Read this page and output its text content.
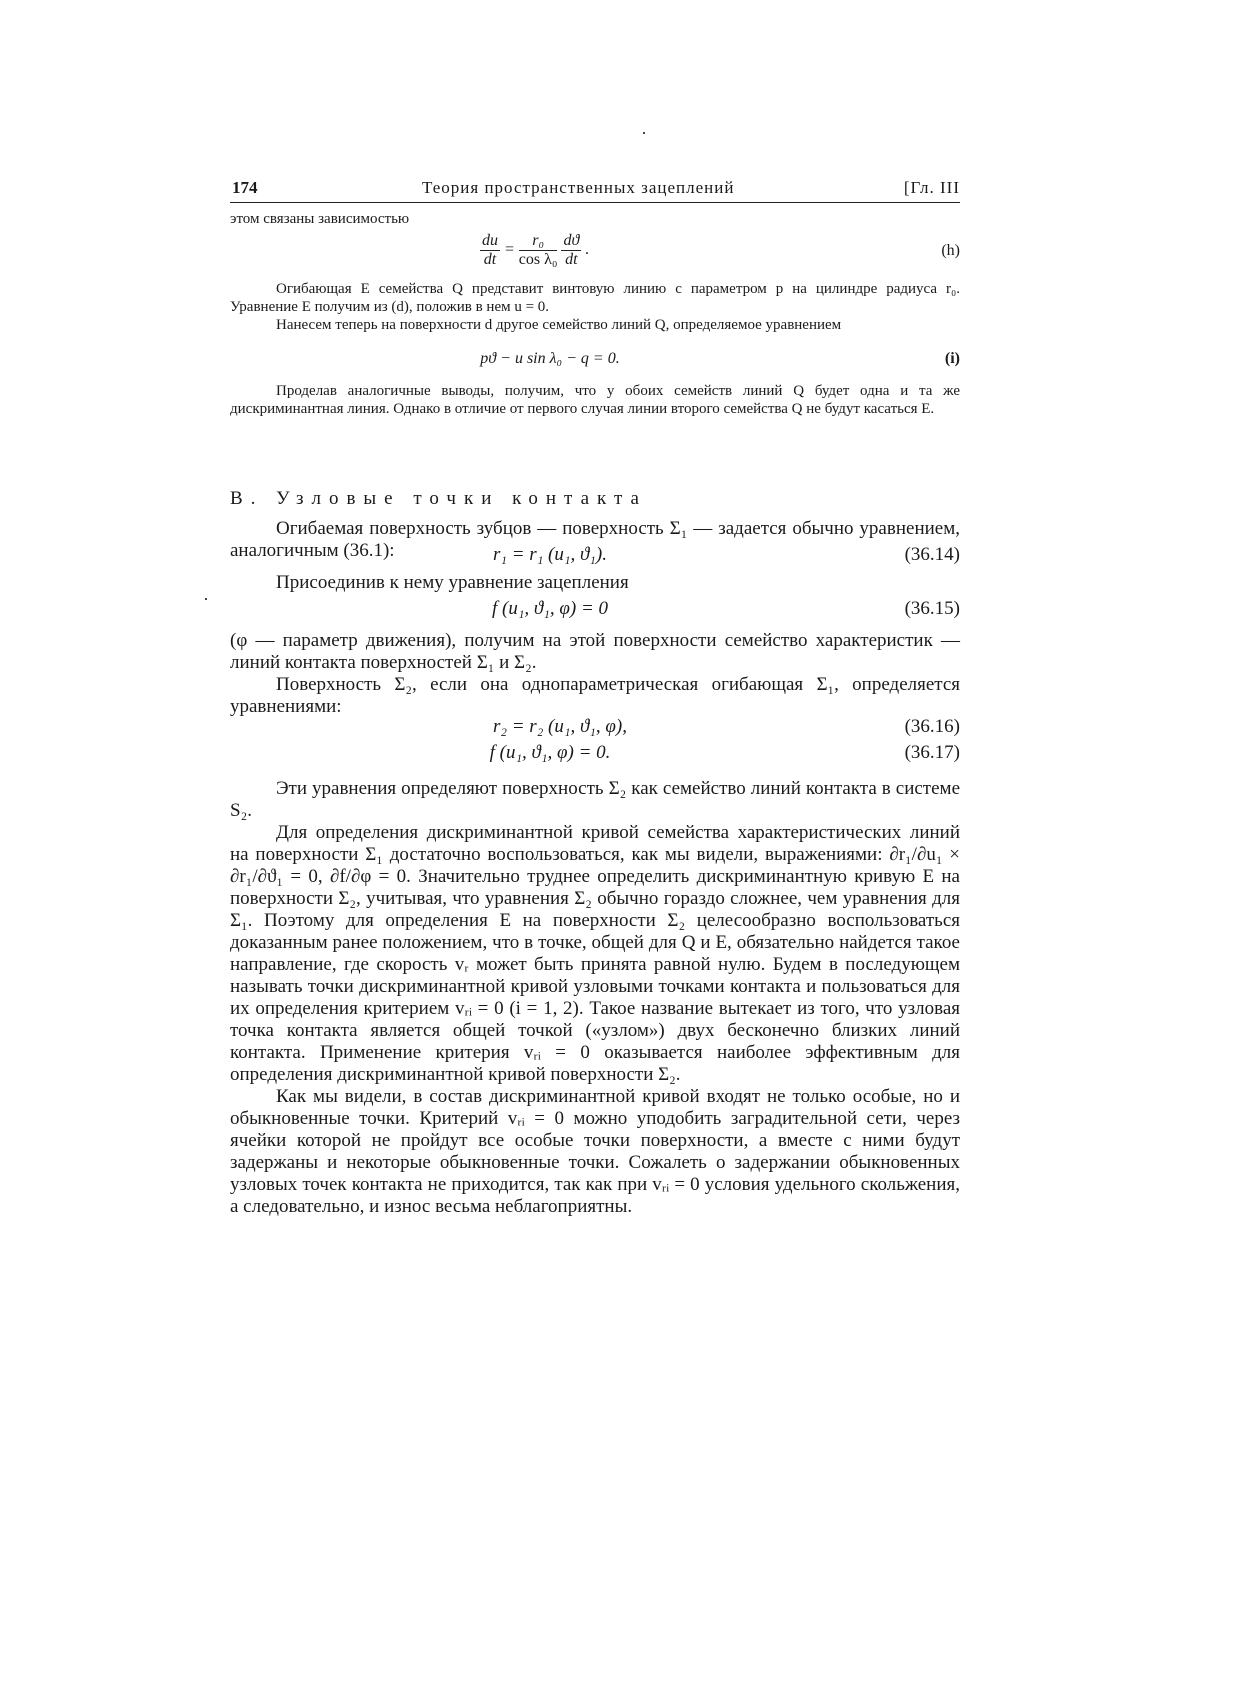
174	Теория пространственных зацеплений	[Гл. III

этом связаны зависимостью

$\frac{du}{dt} = \frac{\text{r₀}}{\text{cos λ₀}}$
$\frac{dϑ}{dt}$ .	(h)

Огибающая E семейства Q представит винтовую линию с параметром p на цилиндре радиуса r₀. Уравнение E получим из (d), положив в нем u = 0.

Нанесем теперь на поверхности d другое семейство линий Q, определяемое уравнением

pϑ − u sin λ₀ − q = 0.	(i)

Проделав аналогичные выводы, получим, что у обоих семейств линий Q будет одна и та же дискриминантная линия. Однако в отличие от первого случая линии второго семейства Q не будут касаться E.

В. Узловые точки контакта

Огибаемая поверхность зубцов — поверхность Σ₁ — задается обычно уравнением, аналогичным (36.1):	r₁ = r₁ (u₁, ϑ₁).	(36.14)

Присоединив к нему уравнение зацепления

f (u₁, ϑ₁, φ) = 0	(36.15)

(φ — параметр движения), получим на этой поверхности семейство характеристик — линий контакта поверхностей Σ₁ и Σ₂.

Поверхность Σ₂, если она однопараметрическая огибающая Σ₁, определяется уравнениями:

r₂ = r₂ (u₁, ϑ₁, φ),	(36.16)
f (u₁, ϑ₁, φ) = 0.	(36.17)

Эти уравнения определяют поверхность Σ₂ как семейство линий контакта в системе S₂.

Для определения дискриминантной кривой семейства характеристических линий на поверхности Σ₁ достаточно воспользоваться, как мы видели, выражениями: ∂r₁/∂u₁ × ∂r₁/∂ϑ₁ = 0, ∂f/∂φ = 0. Значительно труднее определить дискриминантную кривую E на поверхности Σ₂, учитывая, что уравнения Σ₂ обычно гораздо сложнее, чем уравнения для Σ₁. Поэтому для определения E на поверхности Σ₂ целесообразно воспользоваться доказанным ранее положением, что в точке, общей для Q и E, обязательно найдется такое направление, где скорость vᵣ может быть принята равной нулю. Будем в последующем называть точки дискриминантной кривой узловыми точками контакта и пользоваться для их определения критерием vᵣᵢ = 0 (i = 1, 2). Такое название вытекает из того, что узловая точка контакта является общей точкой («узлом») двух бесконечно близких линий контакта. Применение критерия vᵣᵢ = 0 оказывается наиболее эффективным для определения дискриминантной кривой поверхности Σ₂.

Как мы видели, в состав дискриминантной кривой входят не только особые, но и обыкновенные точки. Критерий vᵣᵢ = 0 можно уподобить заградительной сети, через ячейки которой не пройдут все особые точки поверхности, а вместе с ними будут задержаны и некоторые обыкновенные точки. Сожалеть о задержании обыкновенных узловых точек контакта не приходится, так как при vᵣᵢ = 0 условия удельного скольжения, а следовательно, и износ весьма неблагоприятны.
